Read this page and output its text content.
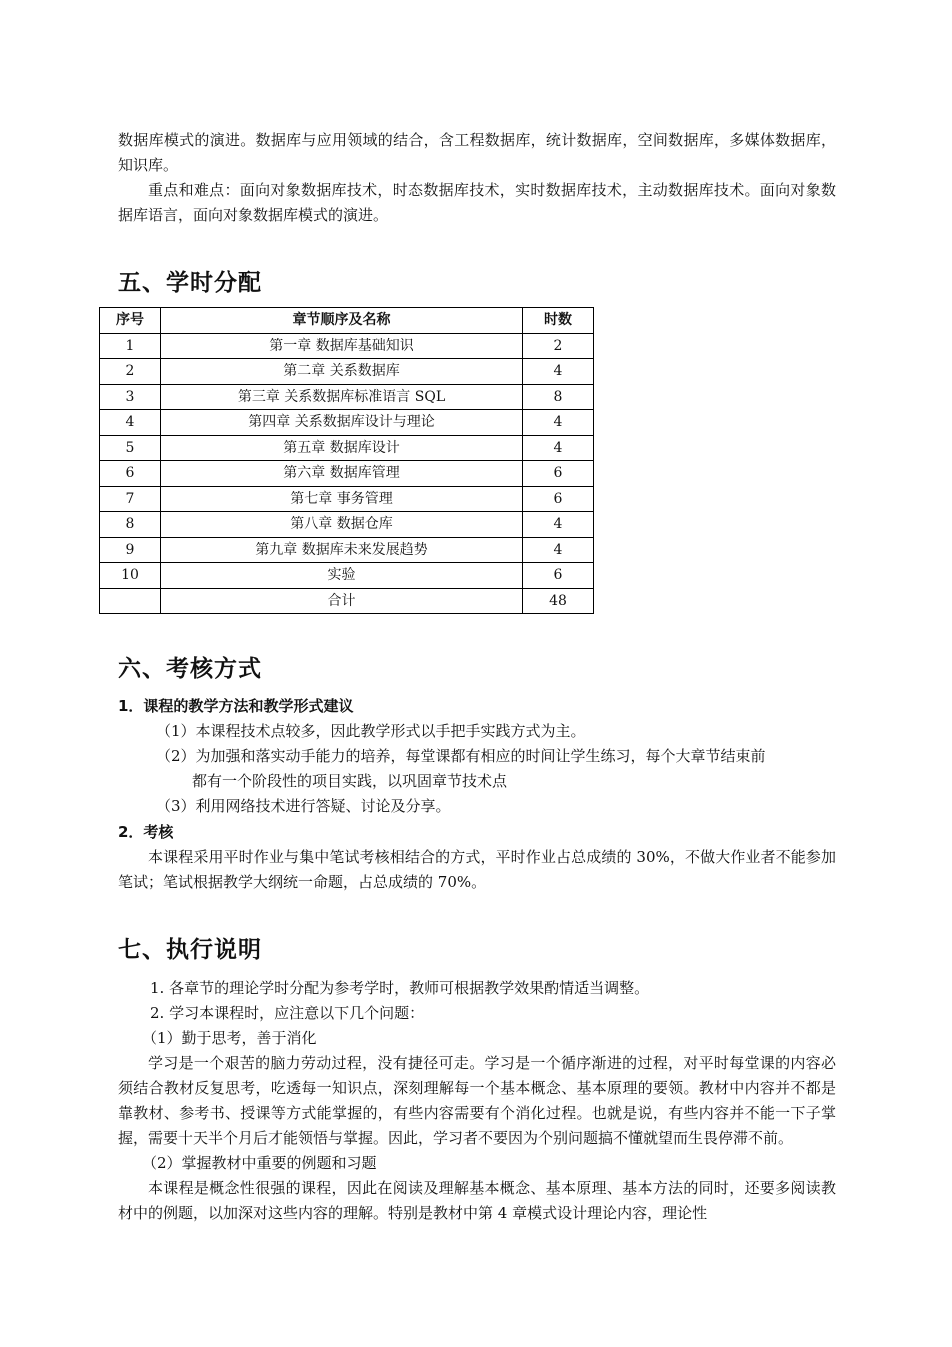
数据库模式的演进。数据库与应用领域的结合，含工程数据库，统计数据库，空间数据库，多媒体数据库，知识库。

重点和难点：面向对象数据库技术，时态数据库技术，实时数据库技术，主动数据库技术。面向对象数据库语言，面向对象数据库模式的演进。

五、学时分配
序号	章节顺序及名称	时数
1	第一章 数据库基础知识	2
2	第二章 关系数据库	4
3	第三章 关系数据库标准语言 SQL	8
4	第四章 关系数据库设计与理论	4
5	第五章 数据库设计	4
6	第六章 数据库管理	6
7	第七章 事务管理	6
8	第八章 数据仓库	4
9	第九章 数据库未来发展趋势	4
10	实验	6
	合计	48
六、考核方式
1．课程的教学方法和教学形式建议

（1）本课程技术点较多，因此教学形式以手把手实践方式为主。

（2）为加强和落实动手能力的培养，每堂课都有相应的时间让学生练习，每个大章节结束前

都有一个阶段性的项目实践，以巩固章节技术点

（3）利用网络技术进行答疑、讨论及分享。

2．考核

本课程采用平时作业与集中笔试考核相结合的方式，平时作业占总成绩的 30%，不做大作业者不能参加笔试；笔试根据教学大纲统一命题，占总成绩的 70%。

七、执行说明

1. 各章节的理论学时分配为参考学时，教师可根据教学效果酌情适当调整。

2. 学习本课程时，应注意以下几个问题：

（1）勤于思考，善于消化

学习是一个艰苦的脑力劳动过程，没有捷径可走。学习是一个循序渐进的过程，对平时每堂课的内容必须结合教材反复思考，吃透每一知识点，深刻理解每一个基本概念、基本原理的要领。教材中内容并不都是靠教材、参考书、授课等方式能掌握的，有些内容需要有个消化过程。也就是说，有些内容并不能一下子掌握，需要十天半个月后才能领悟与掌握。因此，学习者不要因为个别问题搞不懂就望而生畏停滞不前。

（2）掌握教材中重要的例题和习题

本课程是概念性很强的课程，因此在阅读及理解基本概念、基本原理、基本方法的同时，还要多阅读教材中的例题，以加深对这些内容的理解。特别是教材中第 4 章模式设计理论内容，理论性
